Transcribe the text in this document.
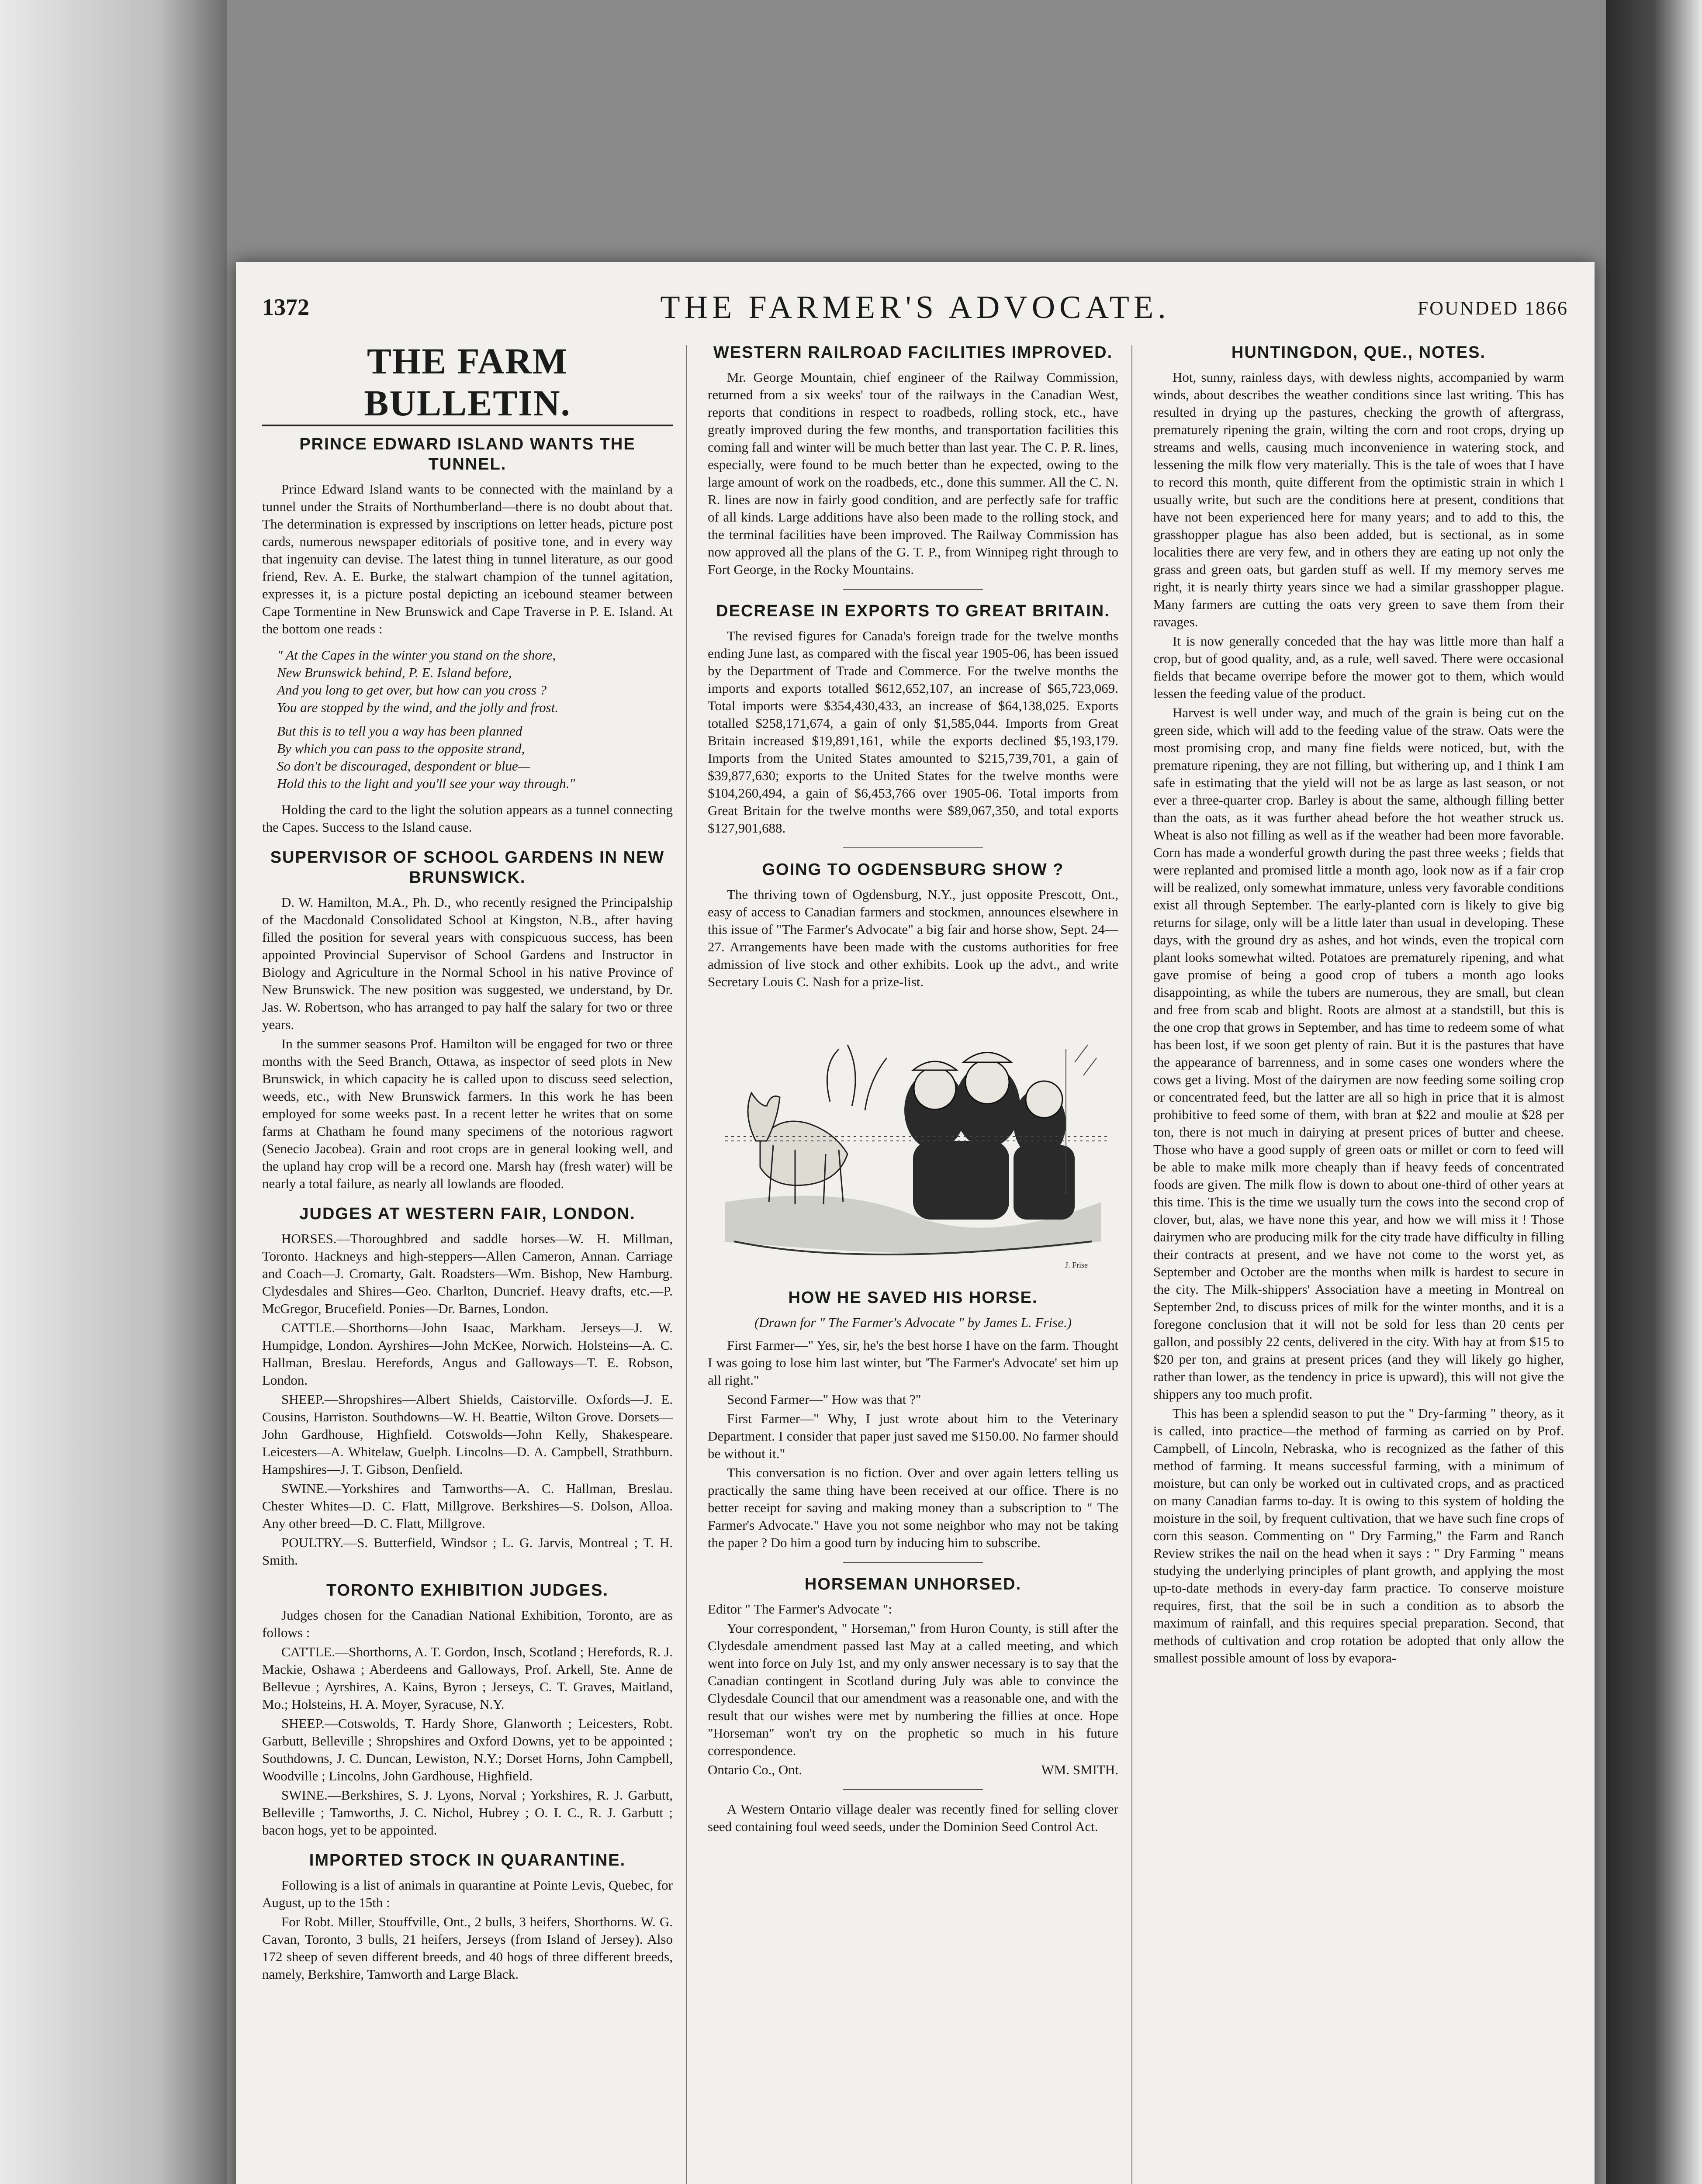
1372	THE FARMER'S ADVOCATE.	FOUNDED 1866
THE FARM BULLETIN.
PRINCE EDWARD ISLAND WANTS THE TUNNEL.

Prince Edward Island wants to be connected with the mainland by a tunnel under the Straits of Northumberland—there is no doubt about that. The determination is expressed by inscriptions on letter heads, picture post cards, numerous newspaper editorials of positive tone, and in every way that ingenuity can devise. The latest thing in tunnel literature, as our good friend, Rev. A. E. Burke, the stalwart champion of the tunnel agitation, expresses it, is a picture postal depicting an icebound steamer between Cape Tormentine in New Brunswick and Cape Traverse in P. E. Island. At the bottom one reads :

" At the Capes in the winter you stand on the shore,
New Brunswick behind, P. E. Island before,
And you long to get over, but how can you cross ?
You are stopped by the wind, and the jolly and frost.
But this is to tell you a way has been planned
By which you can pass to the opposite strand,
So don't be discouraged, despondent or blue—
Hold this to the light and you'll see your way through."

Holding the card to the light the solution appears as a tunnel connecting the Capes. Success to the Island cause.

SUPERVISOR OF SCHOOL GARDENS IN NEW BRUNSWICK.

D. W. Hamilton, M.A., Ph. D., who recently resigned the Principalship of the Macdonald Consolidated School at Kingston, N.B., after having filled the position for several years with conspicuous success, has been appointed Provincial Supervisor of School Gardens and Instructor in Biology and Agriculture in the Normal School in his native Province of New Brunswick. The new position was suggested, we understand, by Dr. Jas. W. Robertson, who has arranged to pay half the salary for two or three years.

In the summer seasons Prof. Hamilton will be engaged for two or three months with the Seed Branch, Ottawa, as inspector of seed plots in New Brunswick, in which capacity he is called upon to discuss seed selection, weeds, etc., with New Brunswick farmers. In this work he has been employed for some weeks past. In a recent letter he writes that on some farms at Chatham he found many specimens of the notorious ragwort (Senecio Jacobea). Grain and root crops are in general looking well, and the upland hay crop will be a record one. Marsh hay (fresh water) will be nearly a total failure, as nearly all lowlands are flooded.

JUDGES AT WESTERN FAIR, LONDON.

HORSES.—Thoroughbred and saddle horses—W. H. Millman, Toronto. Hackneys and high-steppers—Allen Cameron, Annan. Carriage and Coach—J. Cromarty, Galt. Roadsters—Wm. Bishop, New Hamburg. Clydesdales and Shires—Geo. Charlton, Duncrief. Heavy drafts, etc.—P. McGregor, Brucefield. Ponies—Dr. Barnes, London.

CATTLE.—Shorthorns—John Isaac, Markham. Jerseys—J. W. Humpidge, London. Ayrshires—John McKee, Norwich. Holsteins—A. C. Hallman, Breslau. Herefords, Angus and Galloways—T. E. Robson, London.

SHEEP.—Shropshires—Albert Shields, Caistorville. Oxfords—J. E. Cousins, Harriston. Southdowns—W. H. Beattie, Wilton Grove. Dorsets—John Gardhouse, Highfield. Cotswolds—John Kelly, Shakespeare. Leicesters—A. Whitelaw, Guelph. Lincolns—D. A. Campbell, Strathburn. Hampshires—J. T. Gibson, Denfield.

SWINE.—Yorkshires and Tamworths—A. C. Hallman, Breslau. Chester Whites—D. C. Flatt, Millgrove. Berkshires—S. Dolson, Alloa. Any other breed—D. C. Flatt, Millgrove.

POULTRY.—S. Butterfield, Windsor ; L. G. Jarvis, Montreal ; T. H. Smith.

TORONTO EXHIBITION JUDGES.

Judges chosen for the Canadian National Exhibition, Toronto, are as follows :

CATTLE.—Shorthorns, A. T. Gordon, Insch, Scotland ; Herefords, R. J. Mackie, Oshawa ; Aberdeens and Galloways, Prof. Arkell, Ste. Anne de Bellevue ; Ayrshires, A. Kains, Byron ; Jerseys, C. T. Graves, Maitland, Mo.; Holsteins, H. A. Moyer, Syracuse, N.Y.

SHEEP.—Cotswolds, T. Hardy Shore, Glanworth ; Leicesters, Robt. Garbutt, Belleville ; Shropshires and Oxford Downs, yet to be appointed ; Southdowns, J. C. Duncan, Lewiston, N.Y.; Dorset Horns, John Campbell, Woodville ; Lincolns, John Gardhouse, Highfield.

SWINE.—Berkshires, S. J. Lyons, Norval ; Yorkshires, R. J. Garbutt, Belleville ; Tamworths, J. C. Nichol, Hubrey ; O. I. C., R. J. Garbutt ; bacon hogs, yet to be appointed.

IMPORTED STOCK IN QUARANTINE.

Following is a list of animals in quarantine at Pointe Levis, Quebec, for August, up to the 15th :

For Robt. Miller, Stouffville, Ont., 2 bulls, 3 heifers, Shorthorns. W. G. Cavan, Toronto, 3 bulls, 21 heifers, Jerseys (from Island of Jersey). Also 172 sheep of seven different breeds, and 40 hogs of three different breeds, namely, Berkshire, Tamworth and Large Black.

WESTERN RAILROAD FACILITIES IMPROVED.

Mr. George Mountain, chief engineer of the Railway Commission, returned from a six weeks' tour of the railways in the Canadian West, reports that conditions in respect to roadbeds, rolling stock, etc., have greatly improved during the few months, and transportation facilities this coming fall and winter will be much better than last year. The C. P. R. lines, especially, were found to be much better than he expected, owing to the large amount of work on the roadbeds, etc., done this summer. All the C. N. R. lines are now in fairly good condition, and are perfectly safe for traffic of all kinds. Large additions have also been made to the rolling stock, and the terminal facilities have been improved. The Railway Commission has now approved all the plans of the G. T. P., from Winnipeg right through to Fort George, in the Rocky Mountains.

DECREASE IN EXPORTS TO GREAT BRITAIN.

The revised figures for Canada's foreign trade for the twelve months ending June last, as compared with the fiscal year 1905-06, has been issued by the Department of Trade and Commerce. For the twelve months the imports and exports totalled $612,652,107, an increase of $65,723,069. Total imports were $354,430,433, an increase of $64,138,025. Exports totalled $258,171,674, a gain of only $1,585,044. Imports from Great Britain increased $19,891,161, while the exports declined $5,193,179. Imports from the United States amounted to $215,739,701, a gain of $39,877,630; exports to the United States for the twelve months were $104,260,494, a gain of $6,453,766 over 1905-06. Total imports from Great Britain for the twelve months were $89,067,350, and total exports $127,901,688.

GOING TO OGDENSBURG SHOW ?

The thriving town of Ogdensburg, N.Y., just opposite Prescott, Ont., easy of access to Canadian farmers and stockmen, announces elsewhere in this issue of "The Farmer's Advocate" a big fair and horse show, Sept. 24—27. Arrangements have been made with the customs authorities for free admission of live stock and other exhibits. Look up the advt., and write Secretary Louis C. Nash for a prize-list.

J. Frise
HOW HE SAVED HIS HORSE.

(Drawn for " The Farmer's Advocate " by James L. Frise.)

First Farmer—" Yes, sir, he's the best horse I have on the farm. Thought I was going to lose him last winter, but 'The Farmer's Advocate' set him up all right."

Second Farmer—" How was that ?"

First Farmer—" Why, I just wrote about him to the Veterinary Department. I consider that paper just saved me $150.00. No farmer should be without it."

This conversation is no fiction. Over and over again letters telling us practically the same thing have been received at our office. There is no better receipt for saving and making money than a subscription to " The Farmer's Advocate." Have you not some neighbor who may not be taking the paper ? Do him a good turn by inducing him to subscribe.

HORSEMAN UNHORSED.

Editor " The Farmer's Advocate ":

Your correspondent, " Horseman," from Huron County, is still after the Clydesdale amendment passed last May at a called meeting, and which went into force on July 1st, and my only answer necessary is to say that the Canadian contingent in Scotland during July was able to convince the Clydesdale Council that our amendment was a reasonable one, and with the result that our wishes were met by numbering the fillies at once. Hope "Horseman" won't try on the prophetic so much in his future correspondence.

Ontario Co., Ont.	WM. SMITH.

A Western Ontario village dealer was recently fined for selling clover seed containing foul weed seeds, under the Dominion Seed Control Act.

HUNTINGDON, QUE., NOTES.

Hot, sunny, rainless days, with dewless nights, accompanied by warm winds, about describes the weather conditions since last writing. This has resulted in drying up the pastures, checking the growth of aftergrass, prematurely ripening the grain, wilting the corn and root crops, drying up streams and wells, causing much inconvenience in watering stock, and lessening the milk flow very materially. This is the tale of woes that I have to record this month, quite different from the optimistic strain in which I usually write, but such are the conditions here at present, conditions that have not been experienced here for many years; and to add to this, the grasshopper plague has also been added, but is sectional, as in some localities there are very few, and in others they are eating up not only the grass and green oats, but garden stuff as well. If my memory serves me right, it is nearly thirty years since we had a similar grasshopper plague. Many farmers are cutting the oats very green to save them from their ravages.

It is now generally conceded that the hay was little more than half a crop, but of good quality, and, as a rule, well saved. There were occasional fields that became overripe before the mower got to them, which would lessen the feeding value of the product.

Harvest is well under way, and much of the grain is being cut on the green side, which will add to the feeding value of the straw. Oats were the most promising crop, and many fine fields were noticed, but, with the premature ripening, they are not filling, but withering up, and I think I am safe in estimating that the yield will not be as large as last season, or not ever a three-quarter crop. Barley is about the same, although filling better than the oats, as it was further ahead before the hot weather struck us. Wheat is also not filling as well as if the weather had been more favorable. Corn has made a wonderful growth during the past three weeks ; fields that were replanted and promised little a month ago, look now as if a fair crop will be realized, only somewhat immature, unless very favorable conditions exist all through September. The early-planted corn is likely to give big returns for silage, only will be a little later than usual in developing. These days, with the ground dry as ashes, and hot winds, even the tropical corn plant looks somewhat wilted. Potatoes are prematurely ripening, and what gave promise of being a good crop of tubers a month ago looks disappointing, as while the tubers are numerous, they are small, but clean and free from scab and blight. Roots are almost at a standstill, but this is the one crop that grows in September, and has time to redeem some of what has been lost, if we soon get plenty of rain. But it is the pastures that have the appearance of barrenness, and in some cases one wonders where the cows get a living. Most of the dairymen are now feeding some soiling crop or concentrated feed, but the latter are all so high in price that it is almost prohibitive to feed some of them, with bran at $22 and moulie at $28 per ton, there is not much in dairying at present prices of butter and cheese. Those who have a good supply of green oats or millet or corn to feed will be able to make milk more cheaply than if heavy feeds of concentrated foods are given. The milk flow is down to about one-third of other years at this time. This is the time we usually turn the cows into the second crop of clover, but, alas, we have none this year, and how we will miss it ! Those dairymen who are producing milk for the city trade have difficulty in filling their contracts at present, and we have not come to the worst yet, as September and October are the months when milk is hardest to secure in the city. The Milk-shippers' Association have a meeting in Montreal on September 2nd, to discuss prices of milk for the winter months, and it is a foregone conclusion that it will not be sold for less than 20 cents per gallon, and possibly 22 cents, delivered in the city. With hay at from $15 to $20 per ton, and grains at present prices (and they will likely go higher, rather than lower, as the tendency in price is upward), this will not give the shippers any too much profit.

This has been a splendid season to put the " Dry-farming " theory, as it is called, into practice—the method of farming as carried on by Prof. Campbell, of Lincoln, Nebraska, who is recognized as the father of this method of farming. It means successful farming, with a minimum of moisture, but can only be worked out in cultivated crops, and as practiced on many Canadian farms to-day. It is owing to this system of holding the moisture in the soil, by frequent cultivation, that we have such fine crops of corn this season. Commenting on " Dry Farming," the Farm and Ranch Review strikes the nail on the head when it says : " Dry Farming " means studying the underlying principles of plant growth, and applying the most up-to-date methods in every-day farm practice. To conserve moisture requires, first, that the soil be in such a condition as to absorb the maximum of rainfall, and this requires special preparation. Second, that methods of cultivation and crop rotation be adopted that only allow the smallest possible amount of loss by evapora-
